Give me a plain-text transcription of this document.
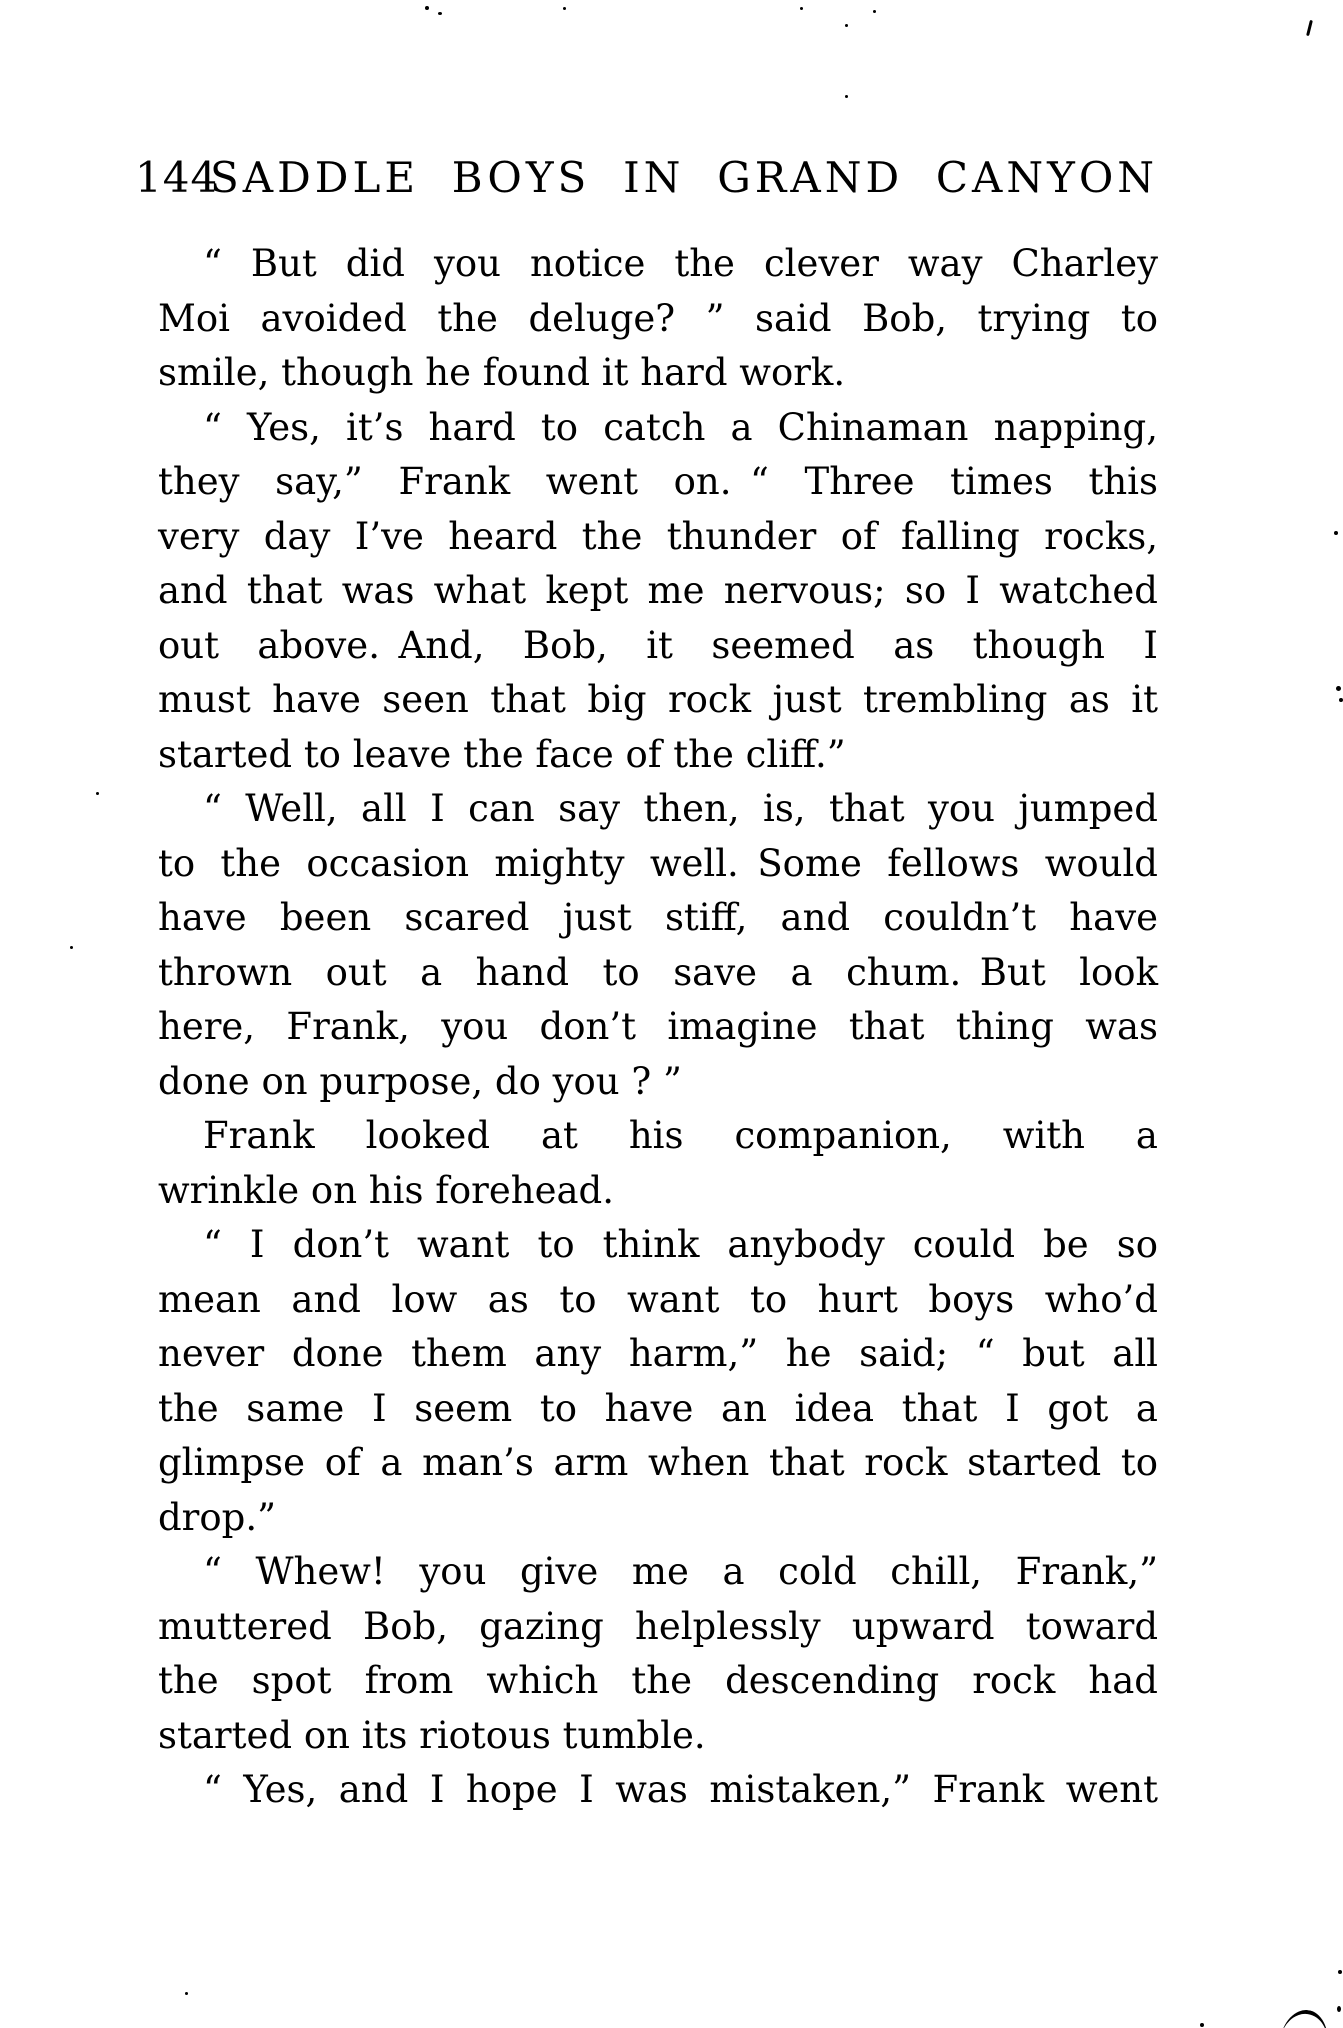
144
SADDLE BOYS IN GRAND CANYON
“ But did you notice the clever way Charley
Moi avoided the deluge? ” said Bob, trying to
smile, though he found it hard work.
“ Yes, it’s hard to catch a Chinaman napping,
they say,” Frank went on. “ Three times this
very day I’ve heard the thunder of falling rocks,
and that was what kept me nervous; so I watched
out above. And, Bob, it seemed as though I
must have seen that big rock just trembling as it
started to leave the face of the cliff.”
“ Well, all I can say then, is, that you jumped
to the occasion mighty well. Some fellows would
have been scared just stiff, and couldn’t have
thrown out a hand to save a chum. But look
here, Frank, you don’t imagine that thing was
done on purpose, do you ? ”
Frank looked at his companion, with a
wrinkle on his forehead.
“ I don’t want to think anybody could be so
mean and low as to want to hurt boys who’d
never done them any harm,” he said; “ but all
the same I seem to have an idea that I got a
glimpse of a man’s arm when that rock started to
drop.”
“ Whew! you give me a cold chill, Frank,”
muttered Bob, gazing helplessly upward toward
the spot from which the descending rock had
started on its riotous tumble.
“ Yes, and I hope I was mistaken,” Frank went
